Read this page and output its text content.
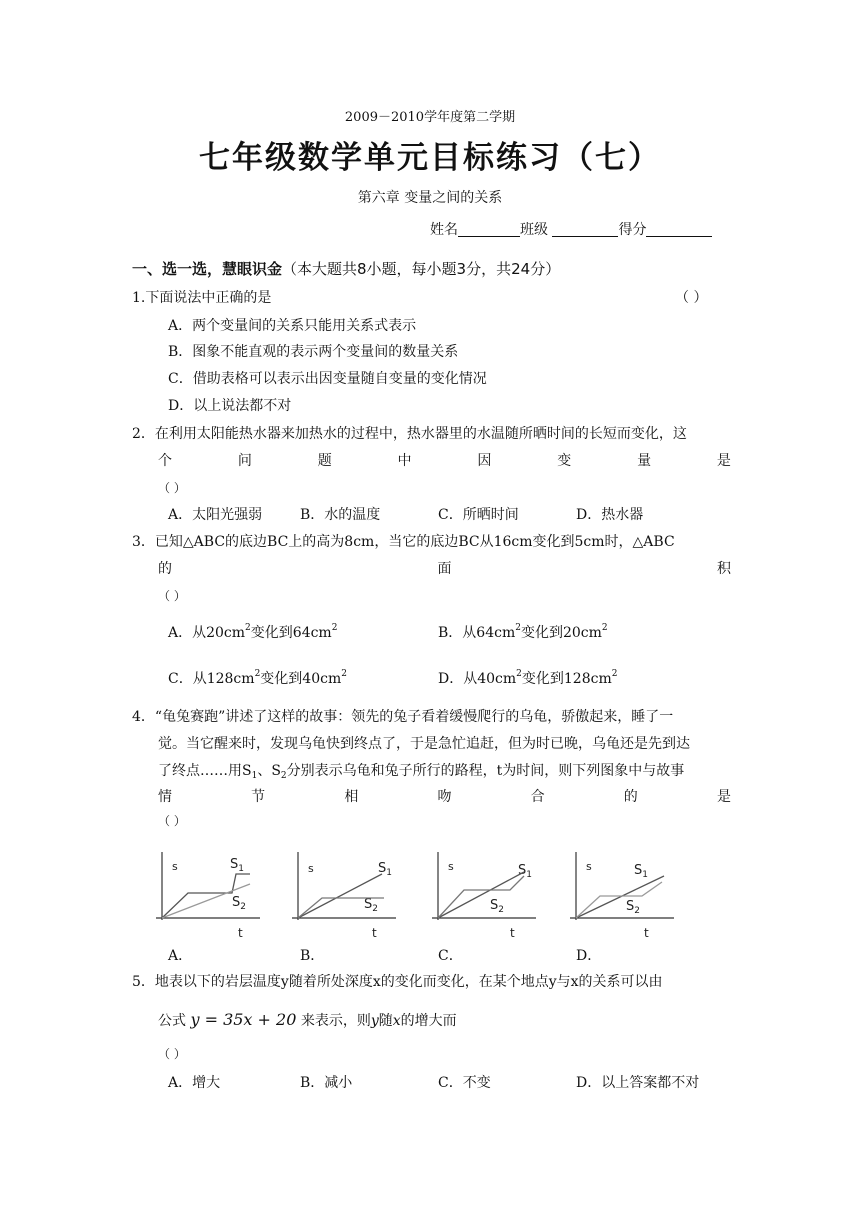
2009－2010学年度第二学期
七年级数学单元目标练习（七）
第六章 变量之间的关系
姓名	班级	得分
一、选一选，慧眼识金（本大题共8小题，每小题3分，共24分）
1.下面说法中正确的是	（ ）
A．两个变量间的关系只能用关系式表示
B．图象不能直观的表示两个变量间的数量关系
C．借助表格可以表示出因变量随自变量的变化情况
D．以上说法都不对
2．在利用太阳能热水器来加热水的过程中，热水器里的水温随所晒时间的长短而变化，这
个	问	题	中	因	变	量	是
（ ）
A．太阳光强弱	B．水的温度	C．所晒时间	D．热水器
3．已知△ABC的底边BC上的高为8cm，当它的底边BC从16cm变化到5cm时，△ABC
的	面	积
（ ）
A．从$20cm^2$变化到$64cm^2$	B．从$64cm^2$变化到$20cm^2$
C．从$128cm^2$变化到$40cm^2$	D．从$40cm^2$变化到$128cm^2$
4．“龟兔赛跑”讲述了这样的故事：领先的兔子看着缓慢爬行的乌龟，骄傲起来，睡了一
觉。当它醒来时，发现乌龟快到终点了，于是急忙追赶，但为时已晚，乌龟还是先到达
了终点……用$S_1$、$S_2$分别表示乌龟和兔子所行的路程，t为时间，则下列图象中与故事
情	节	相	吻	合	的	是
（ ）
s
t
$S_1$
$S_2$
s
t
$S_1$
$S_2$
s
t
$S_1$
$S_2$
s
t
$S_1$
$S_2$
A．	B．	C．	D．
5．地表以下的岩层温度y随着所处深度x的变化而变化，在某个地点y与x的关系可以由
公式 y = 35x + 20 来表示，则y随x的增大而
（ ）
A．增大	B．减小	C．不变	D．以上答案都不对
